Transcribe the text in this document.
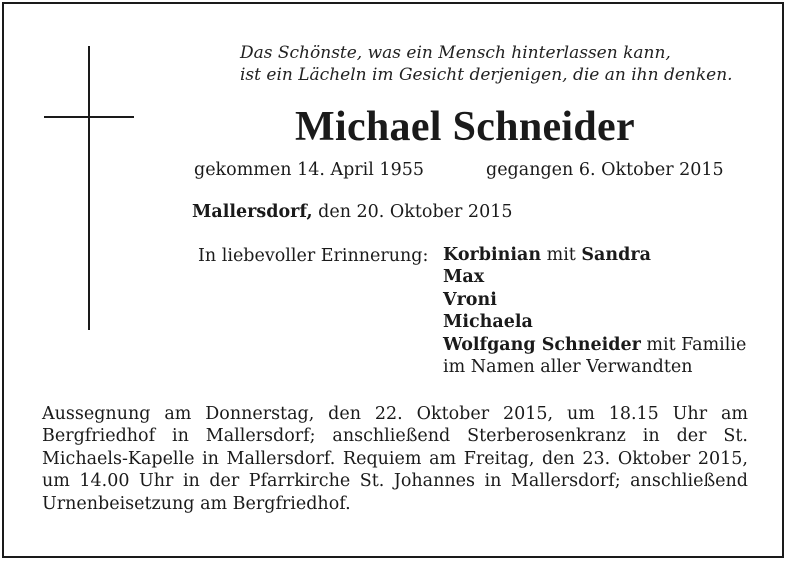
Das Schönste, was ein Mensch hinterlassen kann,
ist ein Lächeln im Gesicht derjenigen, die an ihn denken.
Michael Schneider
gekommen 14. April 1955	gegangen 6. Oktober 2015
Mallersdorf, den 20. Oktober 2015
In liebevoller Erinnerung: Korbinian mit Sandra
Max
Vroni
Michaela
Wolfgang Schneider mit Familie
im Namen aller Verwandten
Aussegnung am Donnerstag, den 22. Oktober 2015, um 18.15 Uhr am Bergfriedhof in Mallersdorf; anschließend Sterberosenkranz in der St. Michaels-Kapelle in Mallersdorf. Requiem am Freitag, den 23. Oktober 2015, um 14.00 Uhr in der Pfarrkirche St. Johannes in Mallersdorf; anschließend Urnenbeisetzung am Bergfriedhof.
